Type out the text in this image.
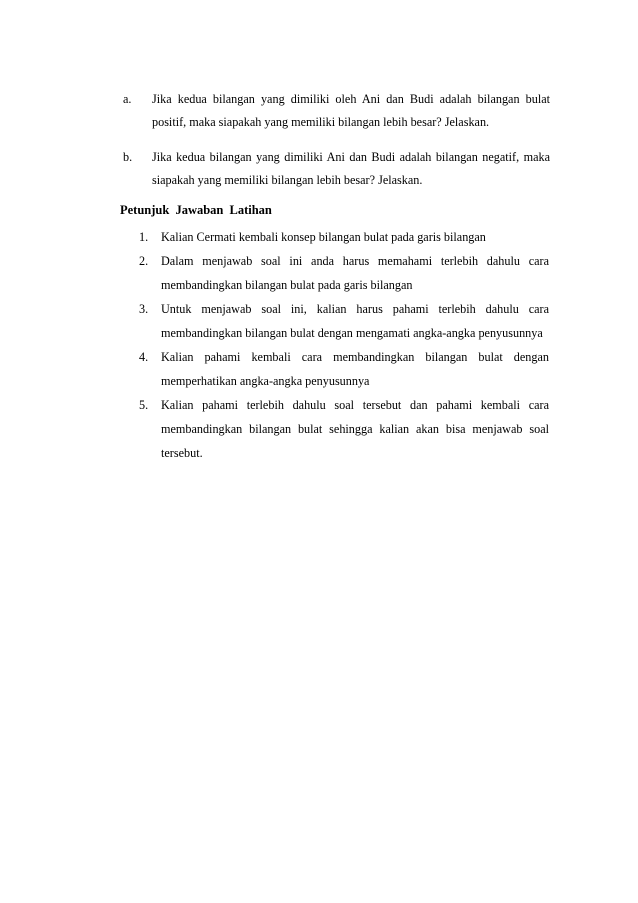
a.	Jika kedua bilangan yang dimiliki oleh Ani dan Budi adalah bilangan bulat positif, maka siapakah yang memiliki bilangan lebih besar? Jelaskan.
b.	Jika kedua bilangan yang dimiliki Ani dan Budi adalah bilangan negatif, maka siapakah yang memiliki bilangan lebih besar? Jelaskan.
Petunjuk Jawaban Latihan
1.	Kalian Cermati kembali konsep bilangan bulat pada garis bilangan
2.	Dalam menjawab soal ini anda harus memahami terlebih dahulu cara membandingkan bilangan bulat pada garis bilangan
3.	Untuk menjawab soal ini, kalian harus pahami terlebih dahulu cara membandingkan bilangan bulat dengan mengamati angka-angka penyusunnya
4.	Kalian pahami kembali cara membandingkan bilangan bulat dengan memperhatikan angka-angka penyusunnya
5.	Kalian pahami terlebih dahulu soal tersebut dan pahami kembali cara membandingkan bilangan bulat sehingga kalian akan bisa menjawab soal tersebut.
